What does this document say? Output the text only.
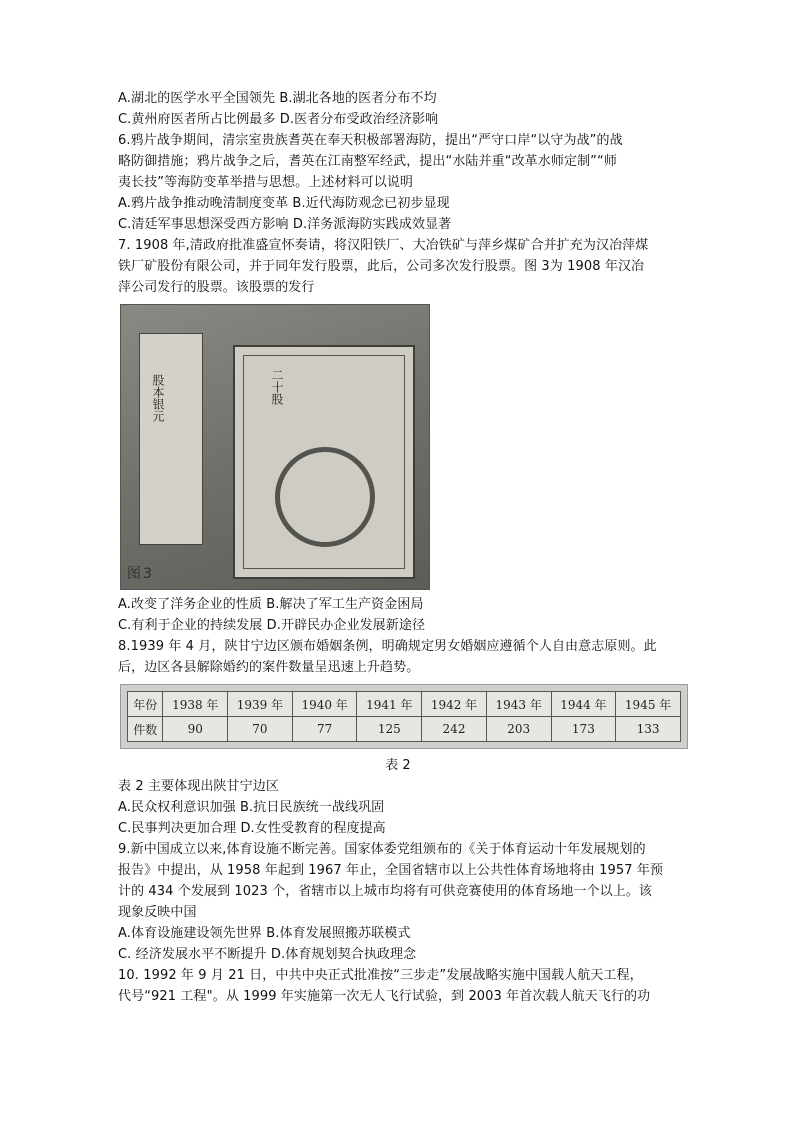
A.湖北的医学水平全国领先 B.湖北各地的医者分布不均
C.黄州府医者所占比例最多 D.医者分布受政治经济影响
6.鸦片战争期间，清宗室贵族耆英在奉天积极部署海防，提出“严守口岸“以守为战”的战
略防御措施；鸦片战争之后，耆英在江南整军经武，提出“水陆并重“改革水师定制”“师
夷长技”等海防变革举措与思想。上述材料可以说明
A.鸦片战争推动晚清制度变革 B.近代海防观念已初步显现
C.清廷军事思想深受西方影响 D.洋务派海防实践成效显著
7. 1908 年,清政府批准盛宣怀奏请，将汉阳铁厂、大冶铁矿与萍乡煤矿合并扩充为汉冶萍煤
铁厂矿股份有限公司，并于同年发行股票，此后，公司多次发行股票。图 3为 1908 年汉冶
萍公司发行的股票。该股票的发行
股本银元	二十股
图3
A.改变了洋务企业的性质 B.解决了军工生产资金困局
C.有利于企业的持续发展 D.开辟民办企业发展新途径
8.1939 年 4 月，陕甘宁边区颁布婚姻条例，明确规定男女婚姻应遵循个人自由意志原则。此
后，边区各县解除婚约的案件数量呈迅速上升趋势。
年份	1938 年	1939 年	1940 年	1941 年	1942 年	1943 年	1944 年	1945 年
件数	90	70	77	125	242	203	173	133
表 2
表 2 主要体现出陕甘宁边区
A.民众权利意识加强 B.抗日民族统一战线巩固
C.民事判决更加合理 D.女性受教育的程度提高
9.新中国成立以来,体育设施不断完善。国家体委党组颁布的《关于体育运动十年发展规划的
报告》中提出，从 1958 年起到 1967 年止，全国省辖市以上公共性体育场地将由 1957 年预
计的 434 个发展到 1023 个，省辖市以上城市均将有可供竞赛使用的体育场地一个以上。该
现象反映中国
A.体育设施建设领先世界 B.体育发展照搬苏联模式
C. 经济发展水平不断提升 D.体育规划契合执政理念
10. 1992 年 9 月 21 日，中共中央正式批准按“三步走”发展战略实施中国载人航天工程，
代号“921 工程"。从 1999 年实施第一次无人飞行试验，到 2003 年首次载人航天飞行的功
